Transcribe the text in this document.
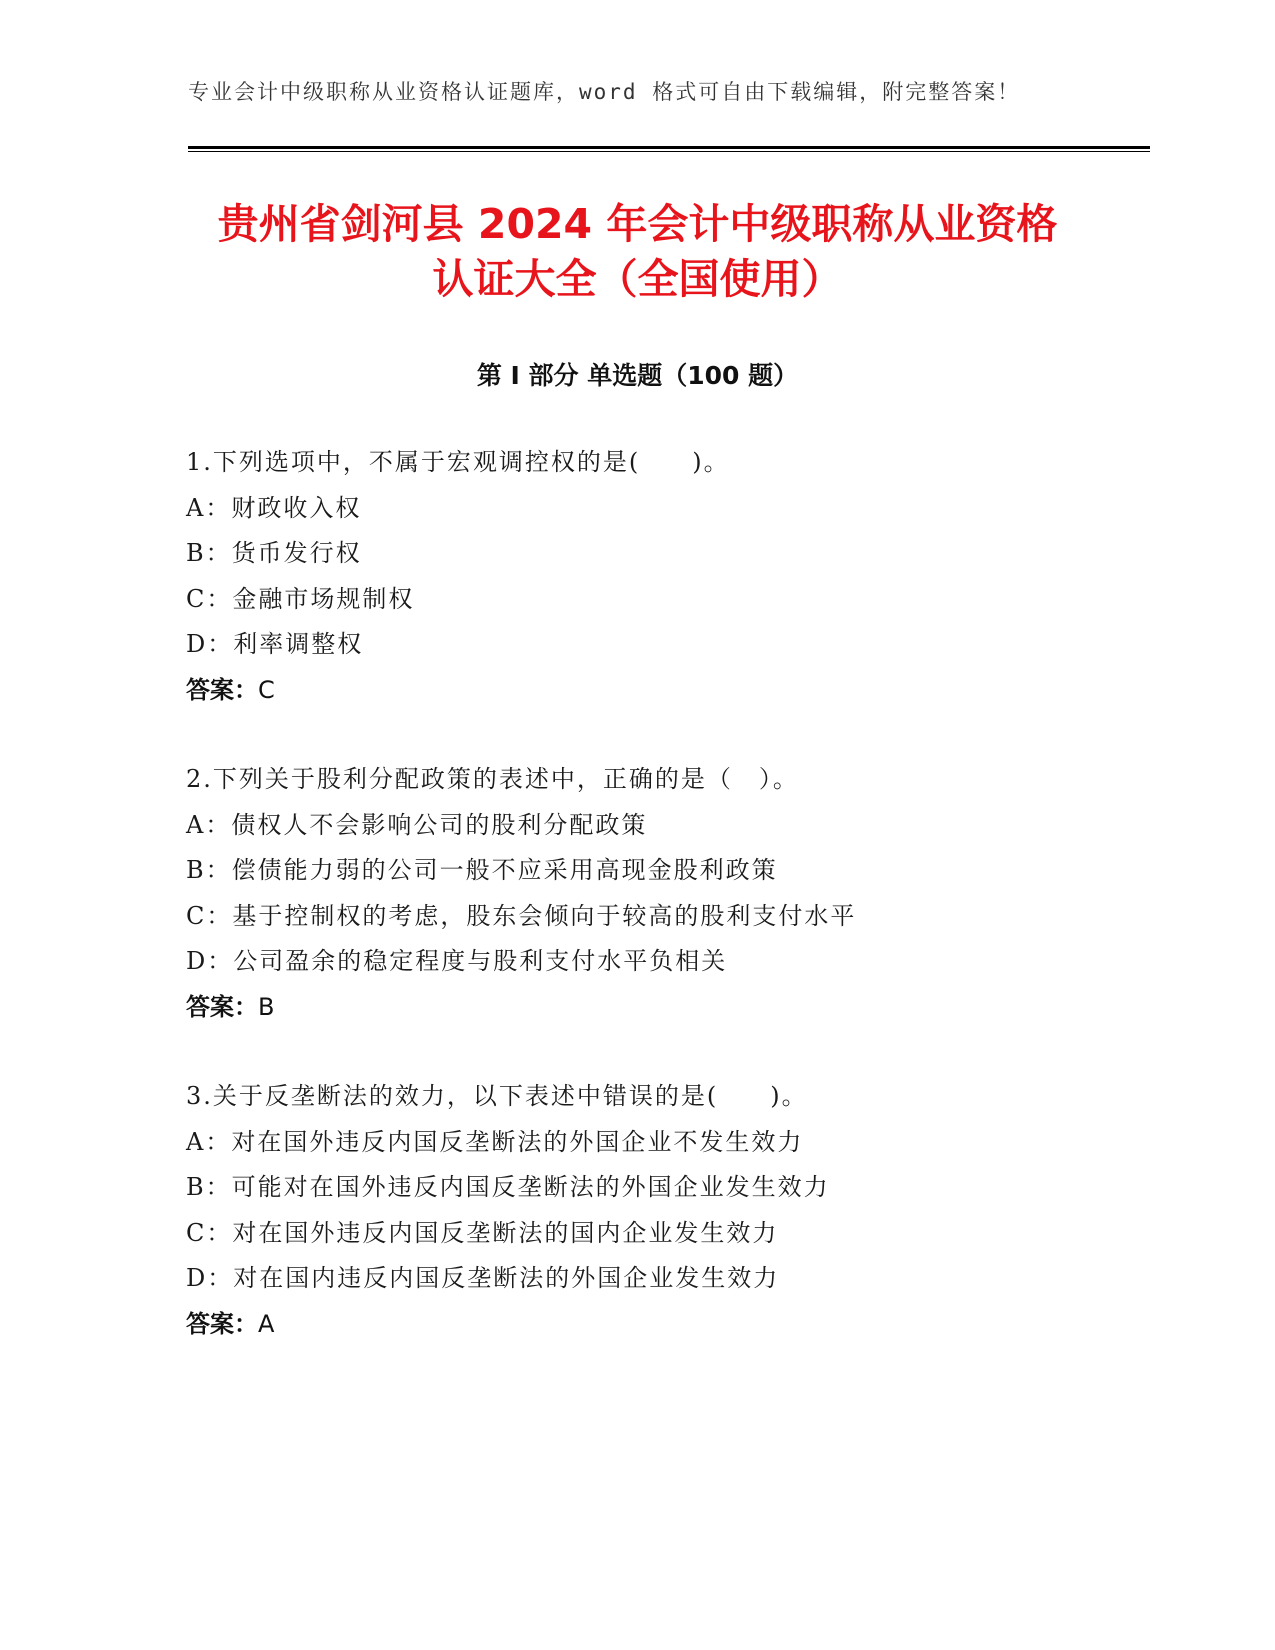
专业会计中级职称从业资格认证题库，word 格式可自由下载编辑，附完整答案！
贵州省剑河县 2024 年会计中级职称从业资格
认证大全（全国使用）
第 I 部分 单选题（100 题）
1.下列选项中，不属于宏观调控权的是(　　)。
A：财政收入权
B：货币发行权
C：金融市场规制权
D：利率调整权
答案：C
2.下列关于股利分配政策的表述中，正确的是（　）。
A：债权人不会影响公司的股利分配政策
B：偿债能力弱的公司一般不应采用高现金股利政策
C：基于控制权的考虑，股东会倾向于较高的股利支付水平
D：公司盈余的稳定程度与股利支付水平负相关
答案：B
3.关于反垄断法的效力，以下表述中错误的是(　　)。
A：对在国外违反内国反垄断法的外国企业不发生效力
B：可能对在国外违反内国反垄断法的外国企业发生效力
C：对在国外违反内国反垄断法的国内企业发生效力
D：对在国内违反内国反垄断法的外国企业发生效力
答案：A
